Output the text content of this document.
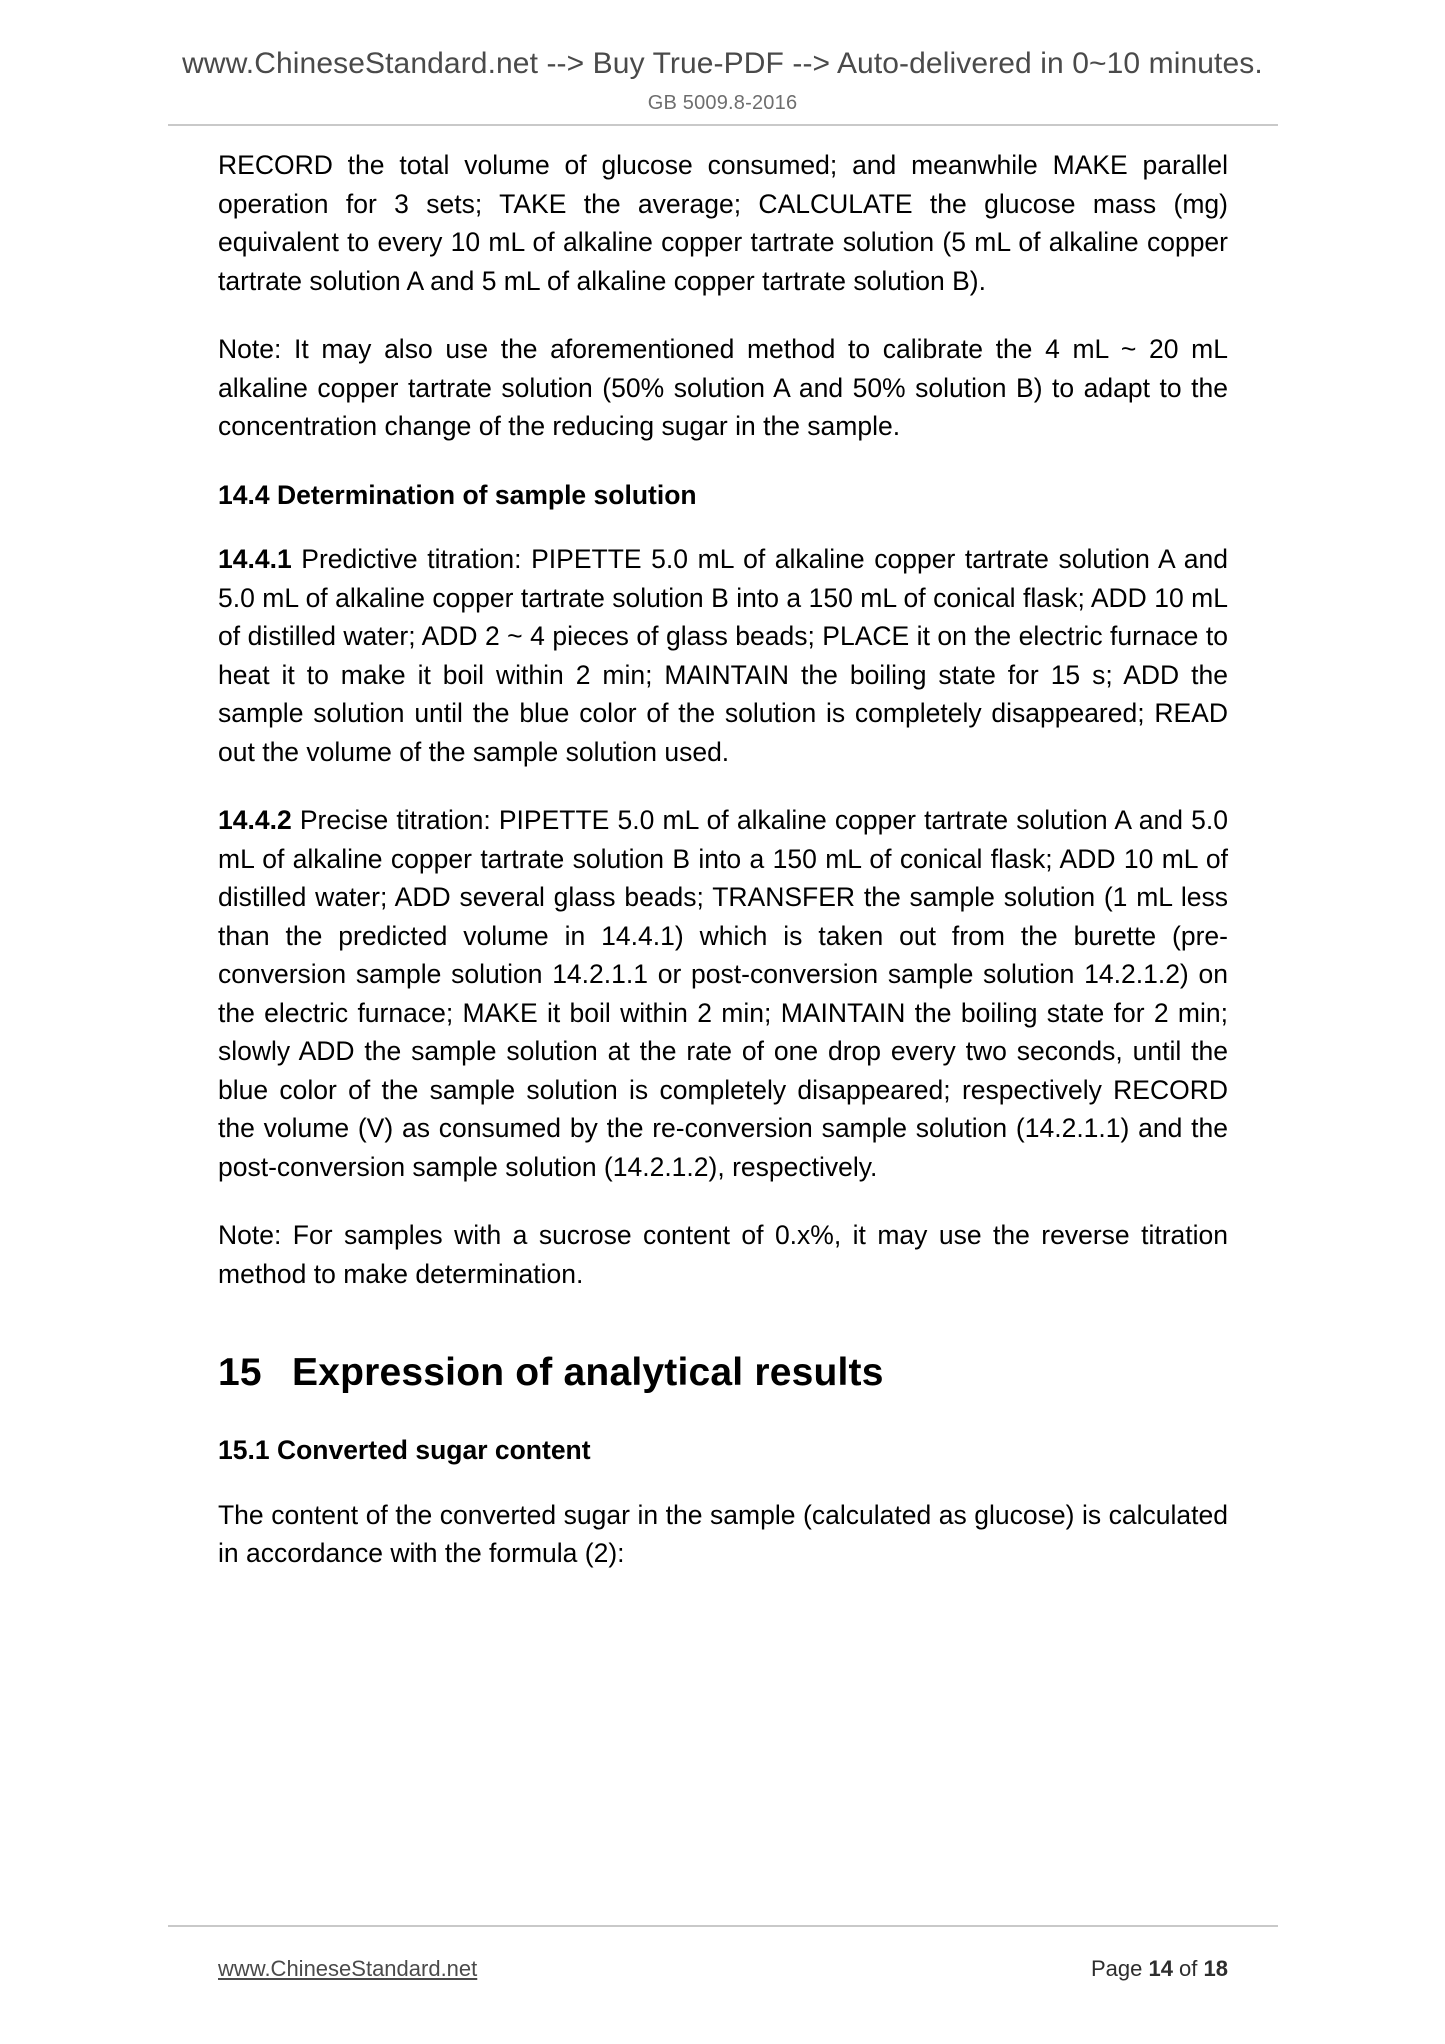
www.ChineseStandard.net --> Buy True-PDF --> Auto-delivered in 0~10 minutes.
GB 5009.8-2016

RECORD the total volume of glucose consumed; and meanwhile MAKE parallel operation for 3 sets; TAKE the average; CALCULATE the glucose mass (mg) equivalent to every 10 mL of alkaline copper tartrate solution (5 mL of alkaline copper tartrate solution A and 5 mL of alkaline copper tartrate solution B).

Note: It may also use the aforementioned method to calibrate the 4 mL ~ 20 mL alkaline copper tartrate solution (50% solution A and 50% solution B) to adapt to the concentration change of the reducing sugar in the sample.

14.4 Determination of sample solution

14.4.1 Predictive titration: PIPETTE 5.0 mL of alkaline copper tartrate solution A and 5.0 mL of alkaline copper tartrate solution B into a 150 mL of conical flask; ADD 10 mL of distilled water; ADD 2 ~ 4 pieces of glass beads; PLACE it on the electric furnace to heat it to make it boil within 2 min; MAINTAIN the boiling state for 15 s; ADD the sample solution until the blue color of the solution is completely disappeared; READ out the volume of the sample solution used.

14.4.2 Precise titration: PIPETTE 5.0 mL of alkaline copper tartrate solution A and 5.0 mL of alkaline copper tartrate solution B into a 150 mL of conical flask; ADD 10 mL of distilled water; ADD several glass beads; TRANSFER the sample solution (1 mL less than the predicted volume in 14.4.1) which is taken out from the burette (pre-conversion sample solution 14.2.1.1 or post-conversion sample solution 14.2.1.2) on the electric furnace; MAKE it boil within 2 min; MAINTAIN the boiling state for 2 min; slowly ADD the sample solution at the rate of one drop every two seconds, until the blue color of the sample solution is completely disappeared; respectively RECORD the volume (V) as consumed by the re-conversion sample solution (14.2.1.1) and the post-conversion sample solution (14.2.1.2), respectively.

Note: For samples with a sucrose content of 0.x%, it may use the reverse titration method to make determination.

15 Expression of analytical results
15.1 Converted sugar content

The content of the converted sugar in the sample (calculated as glucose) is calculated in accordance with the formula (2):

www.ChineseStandard.net	Page 14 of 18
